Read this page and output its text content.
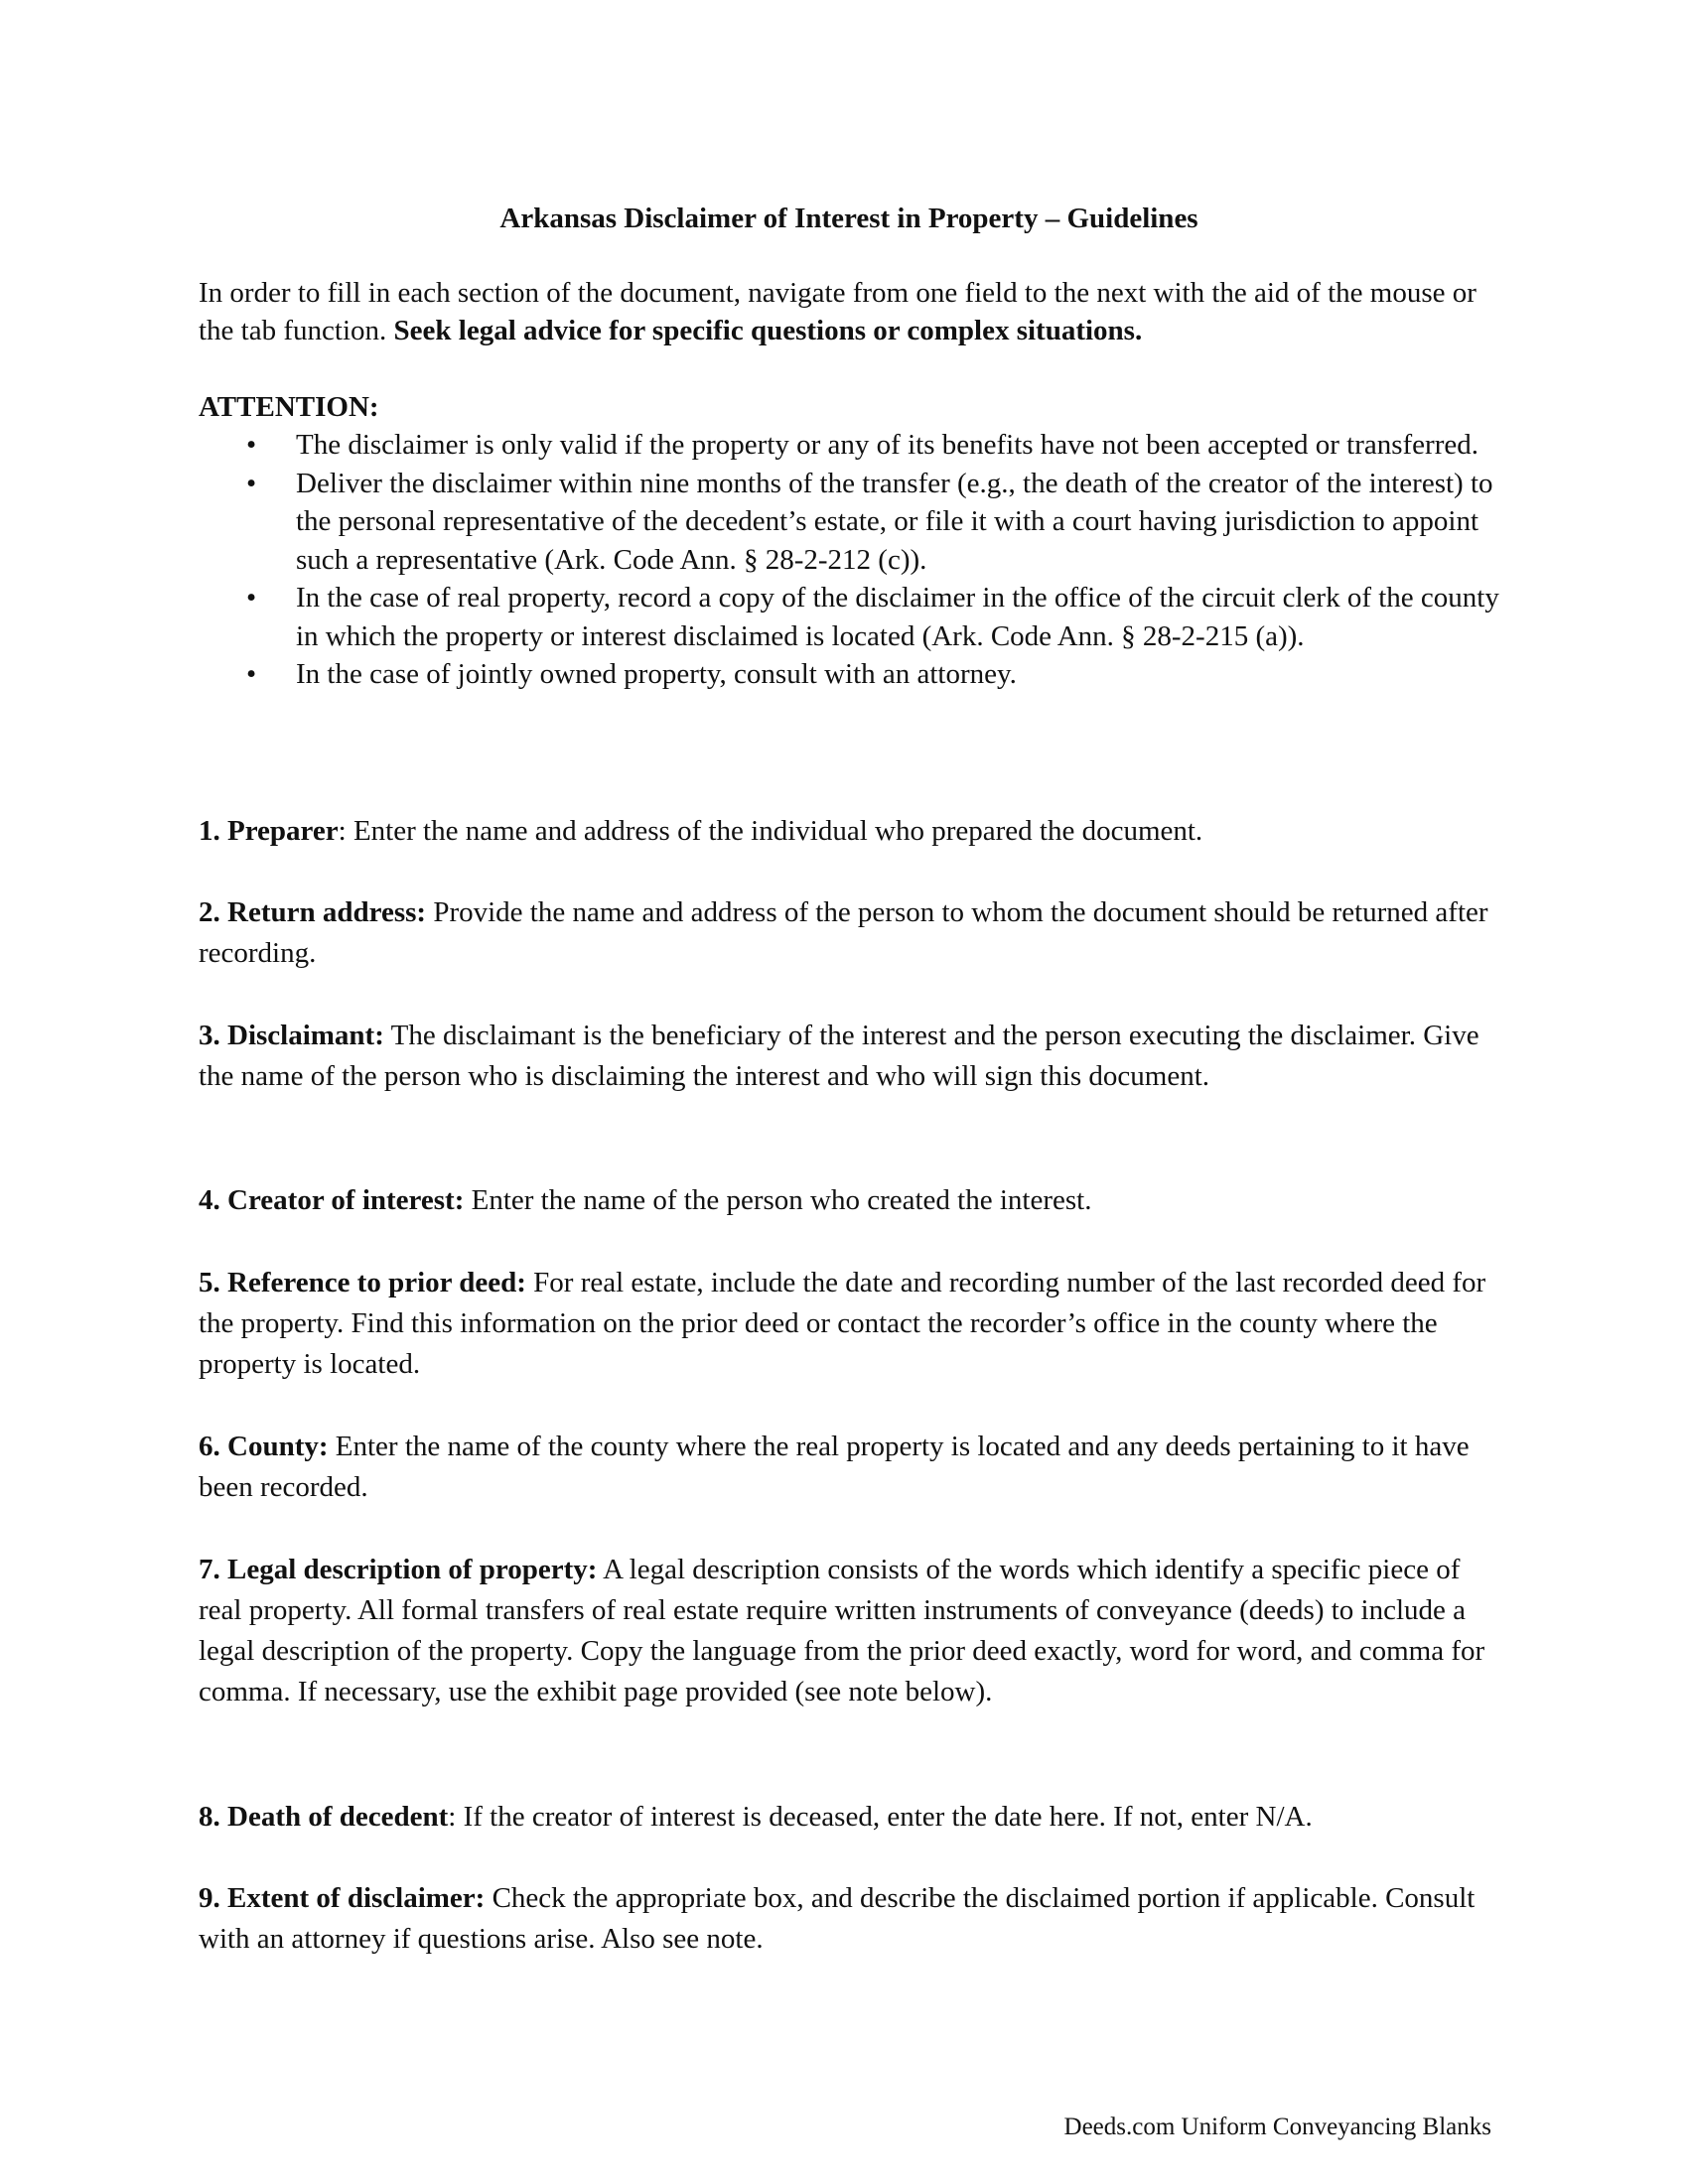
Arkansas Disclaimer of Interest in Property – Guidelines
In order to fill in each section of the document, navigate from one field to the next with the aid of the mouse or the tab function. Seek legal advice for specific questions or complex situations.
ATTENTION:
• The disclaimer is only valid if the property or any of its benefits have not been accepted or transferred.
• Deliver the disclaimer within nine months of the transfer (e.g., the death of the creator of the interest) to the personal representative of the decedent’s estate, or file it with a court having jurisdiction to appoint such a representative (Ark. Code Ann. § 28-2-212 (c)).
• In the case of real property, record a copy of the disclaimer in the office of the circuit clerk of the county in which the property or interest disclaimed is located (Ark. Code Ann. § 28-2-215 (a)).
• In the case of jointly owned property, consult with an attorney.
1. Preparer: Enter the name and address of the individual who prepared the document.
2. Return address: Provide the name and address of the person to whom the document should be returned after recording.
3. Disclaimant: The disclaimant is the beneficiary of the interest and the person executing the disclaimer. Give the name of the person who is disclaiming the interest and who will sign this document.
4. Creator of interest: Enter the name of the person who created the interest.
5. Reference to prior deed: For real estate, include the date and recording number of the last recorded deed for the property. Find this information on the prior deed or contact the recorder’s office in the county where the property is located.
6. County: Enter the name of the county where the real property is located and any deeds pertaining to it have been recorded.
7. Legal description of property: A legal description consists of the words which identify a specific piece of real property. All formal transfers of real estate require written instruments of conveyance (deeds) to include a legal description of the property. Copy the language from the prior deed exactly, word for word, and comma for comma. If necessary, use the exhibit page provided (see note below).
8. Death of decedent: If the creator of interest is deceased, enter the date here. If not, enter N/A.
9. Extent of disclaimer: Check the appropriate box, and describe the disclaimed portion if applicable. Consult with an attorney if questions arise. Also see note.
Deeds.com Uniform Conveyancing Blanks
